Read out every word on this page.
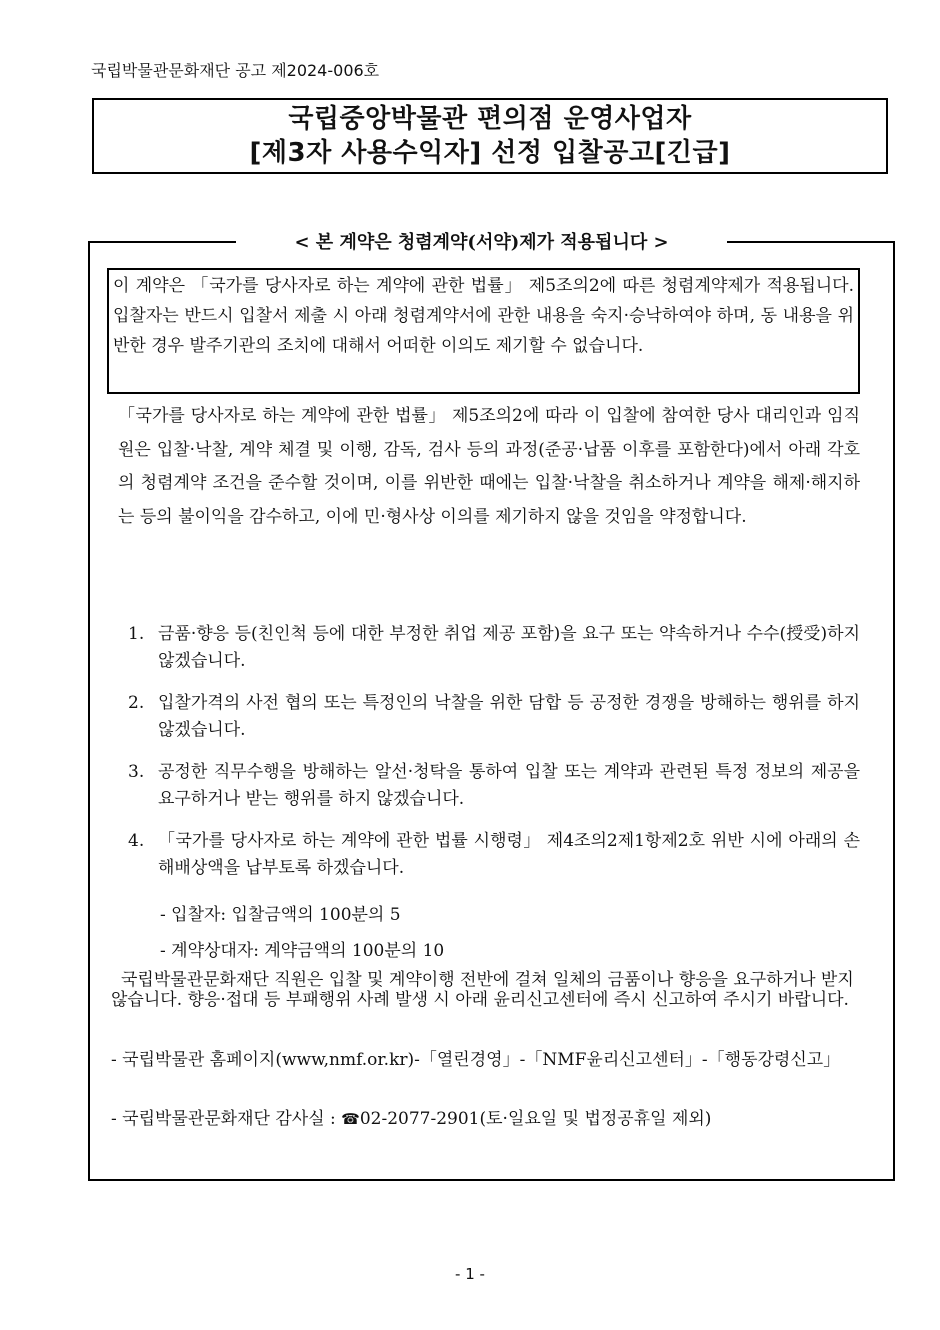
국립박물관문화재단 공고 제2024-006호
국립중앙박물관 편의점 운영사업자
[제3자 사용수익자] 선정 입찰공고[긴급]
< 본 계약은 청렴계약(서약)제가 적용됩니다 >
이 계약은 「국가를 당사자로 하는 계약에 관한 법률」 제5조의2에 따른 청렴계약제가 적용됩니다. 입찰자는 반드시 입찰서 제출 시 아래 청렴계약서에 관한 내용을 숙지·승낙하여야 하며, 동 내용을 위반한 경우 발주기관의 조치에 대해서 어떠한 이의도 제기할 수 없습니다.

「국가를 당사자로 하는 계약에 관한 법률」 제5조의2에 따라 이 입찰에 참여한 당사 대리인과 임직원은 입찰·낙찰, 계약 체결 및 이행, 감독, 검사 등의 과정(준공·납품 이후를 포함한다)에서 아래 각호의 청렴계약 조건을 준수할 것이며, 이를 위반한 때에는 입찰·낙찰을 취소하거나 계약을 해제·해지하는 등의 불이익을 감수하고, 이에 민·형사상 이의를 제기하지 않을 것임을 약정합니다.

1. 금품·향응 등(친인척 등에 대한 부정한 취업 제공 포함)을 요구 또는 약속하거나 수수(授受)하지 않겠습니다.
2. 입찰가격의 사전 협의 또는 특정인의 낙찰을 위한 담합 등 공정한 경쟁을 방해하는 행위를 하지 않겠습니다.
3. 공정한 직무수행을 방해하는 알선·청탁을 통하여 입찰 또는 계약과 관련된 특정 정보의 제공을 요구하거나 받는 행위를 하지 않겠습니다.
4. 「국가를 당사자로 하는 계약에 관한 법률 시행령」 제4조의2제1항제2호 위반 시에 아래의 손해배상액을 납부토록 하겠습니다.
- 입찰자: 입찰금액의 100분의 5
- 계약상대자: 계약금액의 100분의 10

국립박물관문화재단 직원은 입찰 및 계약이행 전반에 걸쳐 일체의 금품이나 향응을 요구하거나 받지 않습니다. 향응·접대 등 부패행위 사례 발생 시 아래 윤리신고센터에 즉시 신고하여 주시기 바랍니다.

- 국립박물관 홈페이지(www,nmf.or.kr)-「열린경영」-「NMF윤리신고센터」-「행동강령신고」

- 국립박물관문화재단 감사실 : ☎02-2077-2901(토·일요일 및 법정공휴일 제외)

- 1 -
